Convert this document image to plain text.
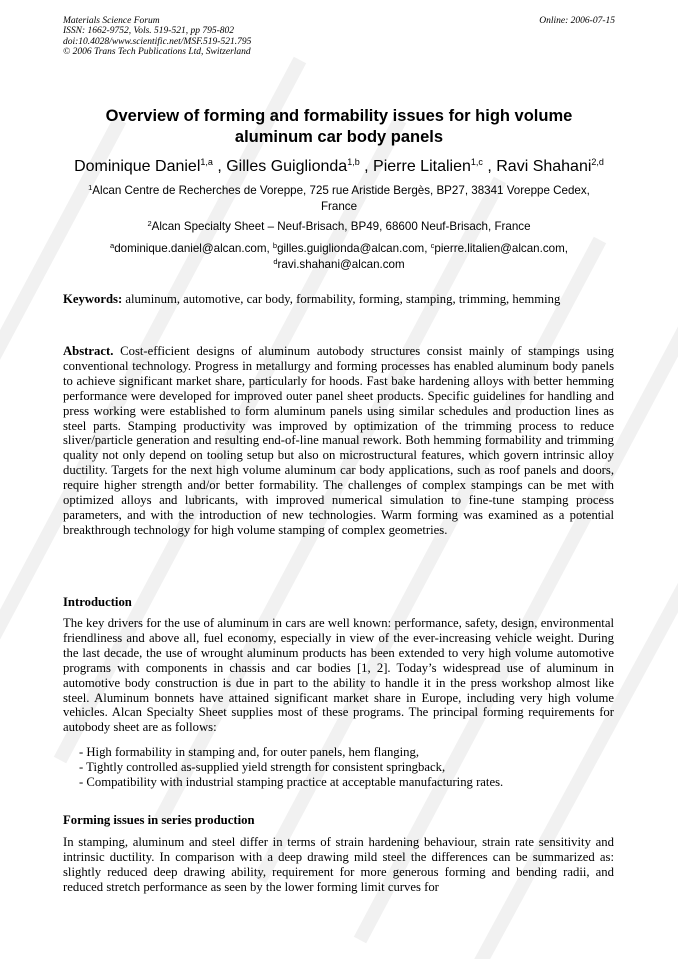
Materials Science Forum
ISSN: 1662-9752, Vols. 519-521, pp 795-802
doi:10.4028/www.scientific.net/MSF.519-521.795
© 2006 Trans Tech Publications Ltd, Switzerland
Online: 2006-07-15
Overview of forming and formability issues for high volume
aluminum car body panels
Dominique Daniel$^{1,a}$ , Gilles Guiglionda$^{1,b}$ , Pierre Litalien$^{1,c}$ , Ravi Shahani$^{2,d}$
$^1$Alcan Centre de Recherches de Voreppe, 725 rue Aristide Bergès, BP27, 38341 Voreppe Cedex,
France
$^2$Alcan Specialty Sheet – Neuf-Brisach, BP49, 68600 Neuf-Brisach, France
$^a$dominique.daniel@alcan.com, $^b$gilles.guiglionda@alcan.com, $^c$pierre.litalien@alcan.com,
$^d$ravi.shahani@alcan.com
Keywords: aluminum, automotive, car body, formability, forming, stamping, trimming, hemming
Abstract. Cost-efficient designs of aluminum autobody structures consist mainly of stampings using conventional technology. Progress in metallurgy and forming processes has enabled aluminum body panels to achieve significant market share, particularly for hoods. Fast bake hardening alloys with better hemming performance were developed for improved outer panel sheet products. Specific guidelines for handling and press working were established to form aluminum panels using similar schedules and production lines as steel parts. Stamping productivity was improved by optimization of the trimming process to reduce sliver/particle generation and resulting end-of-line manual rework. Both hemming formability and trimming quality not only depend on tooling setup but also on microstructural features, which govern intrinsic alloy ductility. Targets for the next high volume aluminum car body applications, such as roof panels and doors, require higher strength and/or better formability. The challenges of complex stampings can be met with optimized alloys and lubricants, with improved numerical simulation to fine-tune stamping process parameters, and with the introduction of new technologies. Warm forming was examined as a potential breakthrough technology for high volume stamping of complex geometries.
Introduction
The key drivers for the use of aluminum in cars are well known: performance, safety, design, environmental friendliness and above all, fuel economy, especially in view of the ever-increasing vehicle weight. During the last decade, the use of wrought aluminum products has been extended to very high volume automotive programs with components in chassis and car bodies [1, 2]. Today’s widespread use of aluminum in automotive body construction is due in part to the ability to handle it in the press workshop almost like steel. Aluminum bonnets have attained significant market share in Europe, including very high volume vehicles. Alcan Specialty Sheet supplies most of these programs. The principal forming requirements for autobody sheet are as follows:
- High formability in stamping and, for outer panels, hem flanging,
- Tightly controlled as-supplied yield strength for consistent springback,
- Compatibility with industrial stamping practice at acceptable manufacturing rates.
Forming issues in series production
In stamping, aluminum and steel differ in terms of strain hardening behaviour, strain rate sensitivity and intrinsic ductility. In comparison with a deep drawing mild steel the differences can be summarized as: slightly reduced deep drawing ability, requirement for more generous forming and bending radii, and reduced stretch performance as seen by the lower forming limit curves for
